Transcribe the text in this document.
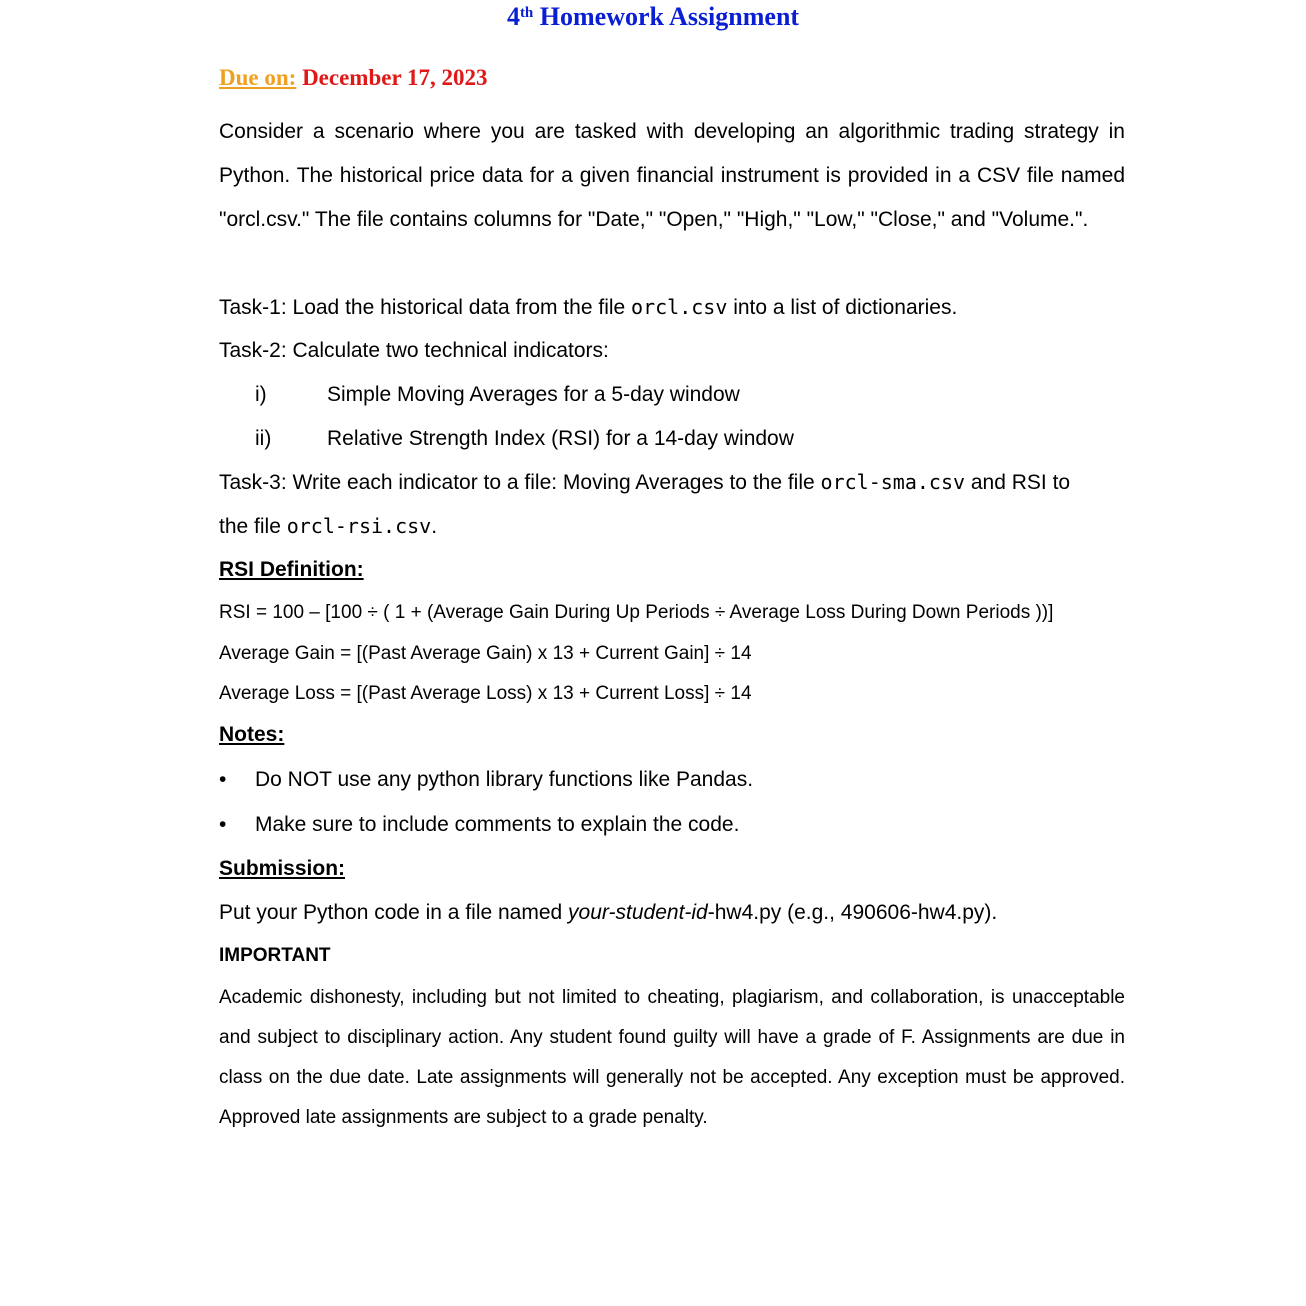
4th Homework Assignment
Due on: December 17, 2023
Consider a scenario where you are tasked with developing an algorithmic trading strategy in Python. The historical price data for a given financial instrument is provided in a CSV file named "orcl.csv." The file contains columns for "Date," "Open," "High," "Low," "Close," and "Volume.".
Task-1: Load the historical data from the file orcl.csv into a list of dictionaries.
Task-2: Calculate two technical indicators:
i)	Simple Moving Averages for a 5-day window
ii)	Relative Strength Index (RSI) for a 14-day window
Task-3: Write each indicator to a file: Moving Averages to the file orcl-sma.csv and RSI to
the file orcl-rsi.csv.
RSI Definition:
RSI = 100 – [100 ÷ ( 1 + (Average Gain During Up Periods ÷ Average Loss During Down Periods ))]
Average Gain = [(Past Average Gain) x 13 + Current Gain] ÷ 14
Average Loss = [(Past Average Loss) x 13 + Current Loss] ÷ 14
Notes:
•	Do NOT use any python library functions like Pandas.
•	Make sure to include comments to explain the code.
Submission:
Put your Python code in a file named your-student-id-hw4.py (e.g., 490606-hw4.py).
IMPORTANT
Academic dishonesty, including but not limited to cheating, plagiarism, and collaboration, is unacceptable and subject to disciplinary action. Any student found guilty will have a grade of F. Assignments are due in class on the due date. Late assignments will generally not be accepted. Any exception must be approved. Approved late assignments are subject to a grade penalty.
